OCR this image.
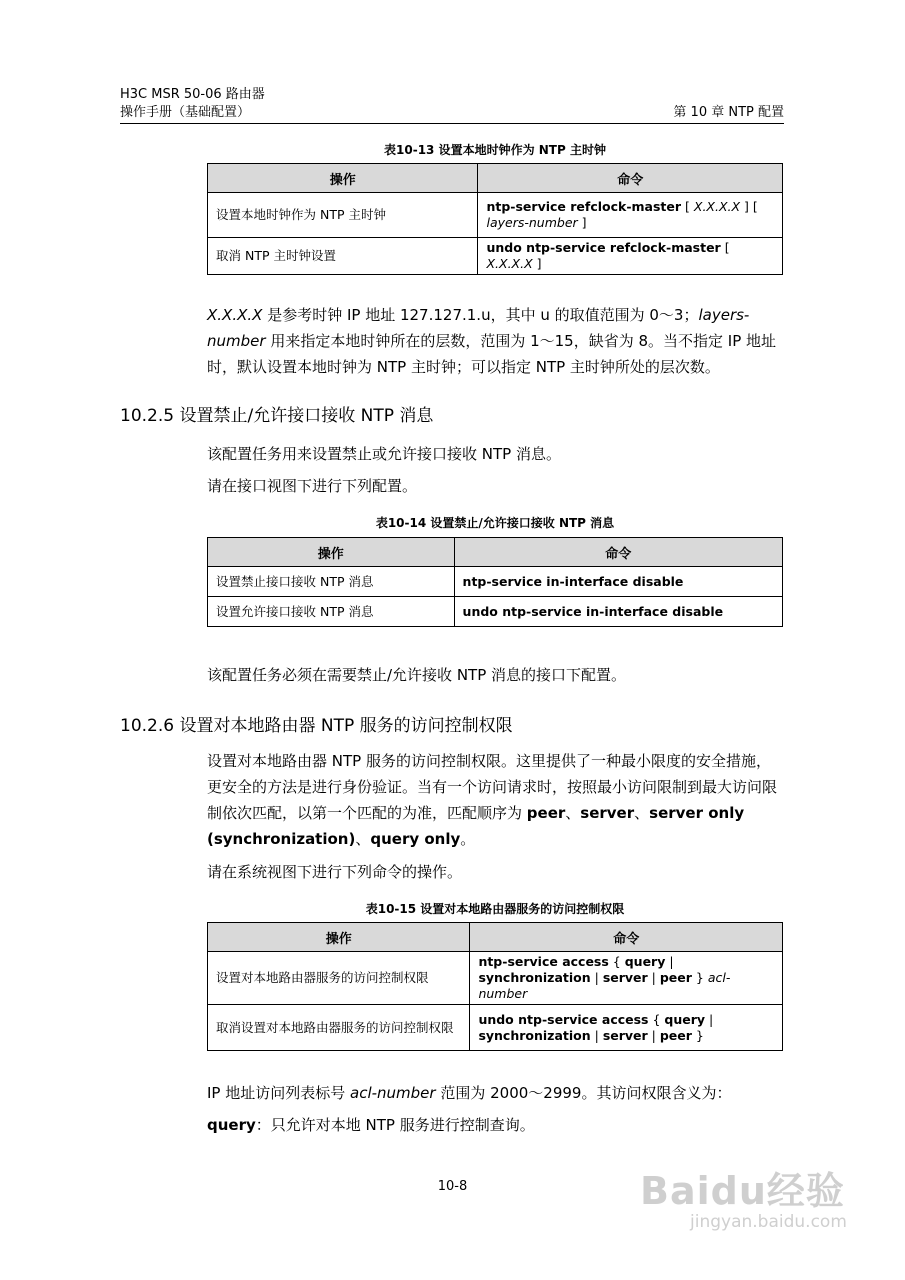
H3C MSR 50-06 路由器
操作手册（基础配置）	第 10 章 NTP 配置
表10-13 设置本地时钟作为 NTP 主时钟
操作	命令
设置本地时钟作为 NTP 主时钟	ntp-service refclock-master [ X.X.X.X ] [ layers-number ]
取消 NTP 主时钟设置	undo ntp-service refclock-master [ X.X.X.X ]
X.X.X.X 是参考时钟 IP 地址 127.127.1.u，其中 u 的取值范围为 0～3；layers-number 用来指定本地时钟所在的层数，范围为 1～15，缺省为 8。当不指定 IP 地址时，默认设置本地时钟为 NTP 主时钟；可以指定 NTP 主时钟所处的层次数。
10.2.5 设置禁止/允许接口接收 NTP 消息
该配置任务用来设置禁止或允许接口接收 NTP 消息。
请在接口视图下进行下列配置。
表10-14 设置禁止/允许接口接收 NTP 消息
操作	命令
设置禁止接口接收 NTP 消息	ntp-service in-interface disable
设置允许接口接收 NTP 消息	undo ntp-service in-interface disable
该配置任务必须在需要禁止/允许接收 NTP 消息的接口下配置。
10.2.6 设置对本地路由器 NTP 服务的访问控制权限
设置对本地路由器 NTP 服务的访问控制权限。这里提供了一种最小限度的安全措施，更安全的方法是进行身份验证。当有一个访问请求时，按照最小访问限制到最大访问限制依次匹配，以第一个匹配的为准，匹配顺序为 peer、server、server only (synchronization)、query only。
请在系统视图下进行下列命令的操作。
表10-15 设置对本地路由器服务的访问控制权限
操作	命令
设置对本地路由器服务的访问控制权限	ntp-service access { query | synchronization | server | peer } acl-number
取消设置对本地路由器服务的访问控制权限	undo ntp-service access { query | synchronization | server | peer }
IP 地址访问列表标号 acl-number 范围为 2000～2999。其访问权限含义为：
query：只允许对本地 NTP 服务进行控制查询。
10-8	Baidu经验
jingyan.baidu.com
